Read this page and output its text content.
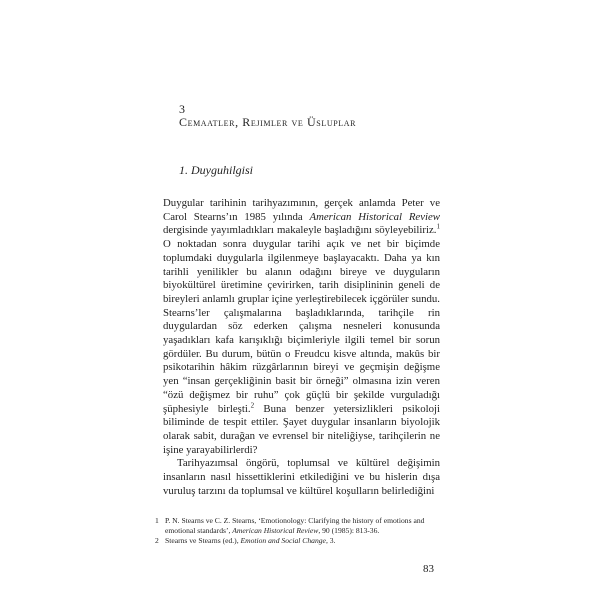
3
Cemaatler, Rejimler ve Üsluplar
1. Duyguhilgisi

Duygular tarihinin tarihyazımının, gerçek anlamda Peter ve Carol Stearns’ın 1985 yılında American Historical Review dergisinde yayımladıkları makaleyle başladığını söyleyebiliriz.$^1$ O noktadan sonra duygular tarihi açık ve net bir biçimde toplumdaki duygularla ilgilenmeye başlayacaktı. Daha ya kın tarihli yenilikler bu alanın odağını bireye ve duyguların biyokültürel üretimine çevirirken, tarih disiplininin geneli de bireyleri anlamlı gruplar içine yerleştirebilecek içgörüler sundu. Stearns’ler çalışmalarına başladıklarında, tarihçile rin duygulardan söz ederken çalışma nesneleri konusunda yaşadıkları kafa karışıklığı biçimleriyle ilgili temel bir sorun gördüler. Bu durum, bütün o Freudcu kisve altında, makûs bir psikotarihin hâkim rüzgârlarının bireyi ve geçmişin değişme yen “insan gerçekliğinin basit bir örneği” olmasına izin veren “özü değişmez bir ruhu” çok güçlü bir şekilde vurguladığı şüphesiyle birleşti.$^2$ Buna benzer yetersizlikleri psikoloji biliminde de tespit ettiler. Şayet duygular insanların biyolojik olarak sabit, durağan ve evrensel bir niteliğiyse, tarihçilerin ne işine yarayabilirlerdi?

Tarihyazımsal öngörü, toplumsal ve kültürel değişimin insanların nasıl hissettiklerini etkilediğini ve bu hislerin dışa vuruluş tarzını da toplumsal ve kültürel koşulların belirlediğini

1 P. N. Stearns ve C. Z. Stearns, ‘Emotionology: Clarifying the history of emotions and emotional standards’, American Historical Review, 90 (1985): 813-36.
2 Stearns ve Stearns (ed.), Emotion and Social Change, 3.
83
